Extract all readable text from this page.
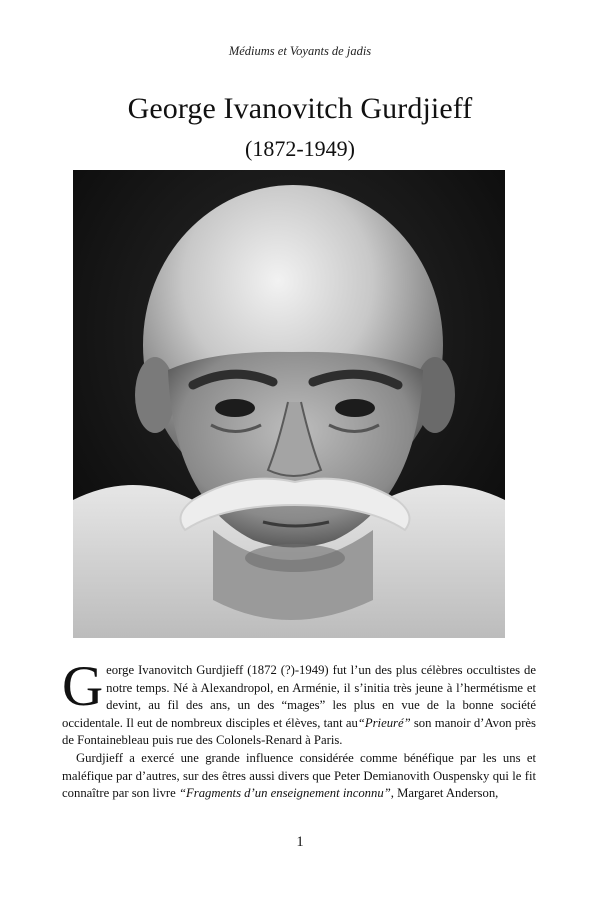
Médiums et Voyants de jadis
George Ivanovitch Gurdjieff
(1872-1949)

George Ivanovitch Gurdjieff (1872 (?)-1949) fut l’un des plus célèbres occultistes de notre temps. Né à Alexandropol, en Arménie, il s’initia très jeune à l’hermétisme et devint, au fil des ans, un des “mages” les plus en vue de la bonne société occidentale. Il eut de nombreux disciples et élèves, tant au“Prieuré” son manoir d’Avon près de Fontainebleau puis rue des Colonels-Renard à Paris.

Gurdjieff a exercé une grande influence considérée comme bénéfique par les uns et maléfique par d’autres, sur des êtres aussi divers que Peter Demianovith Ouspensky qui le fit connaître par son livre “Fragments d’un enseignement inconnu”, Margaret Anderson,

1
